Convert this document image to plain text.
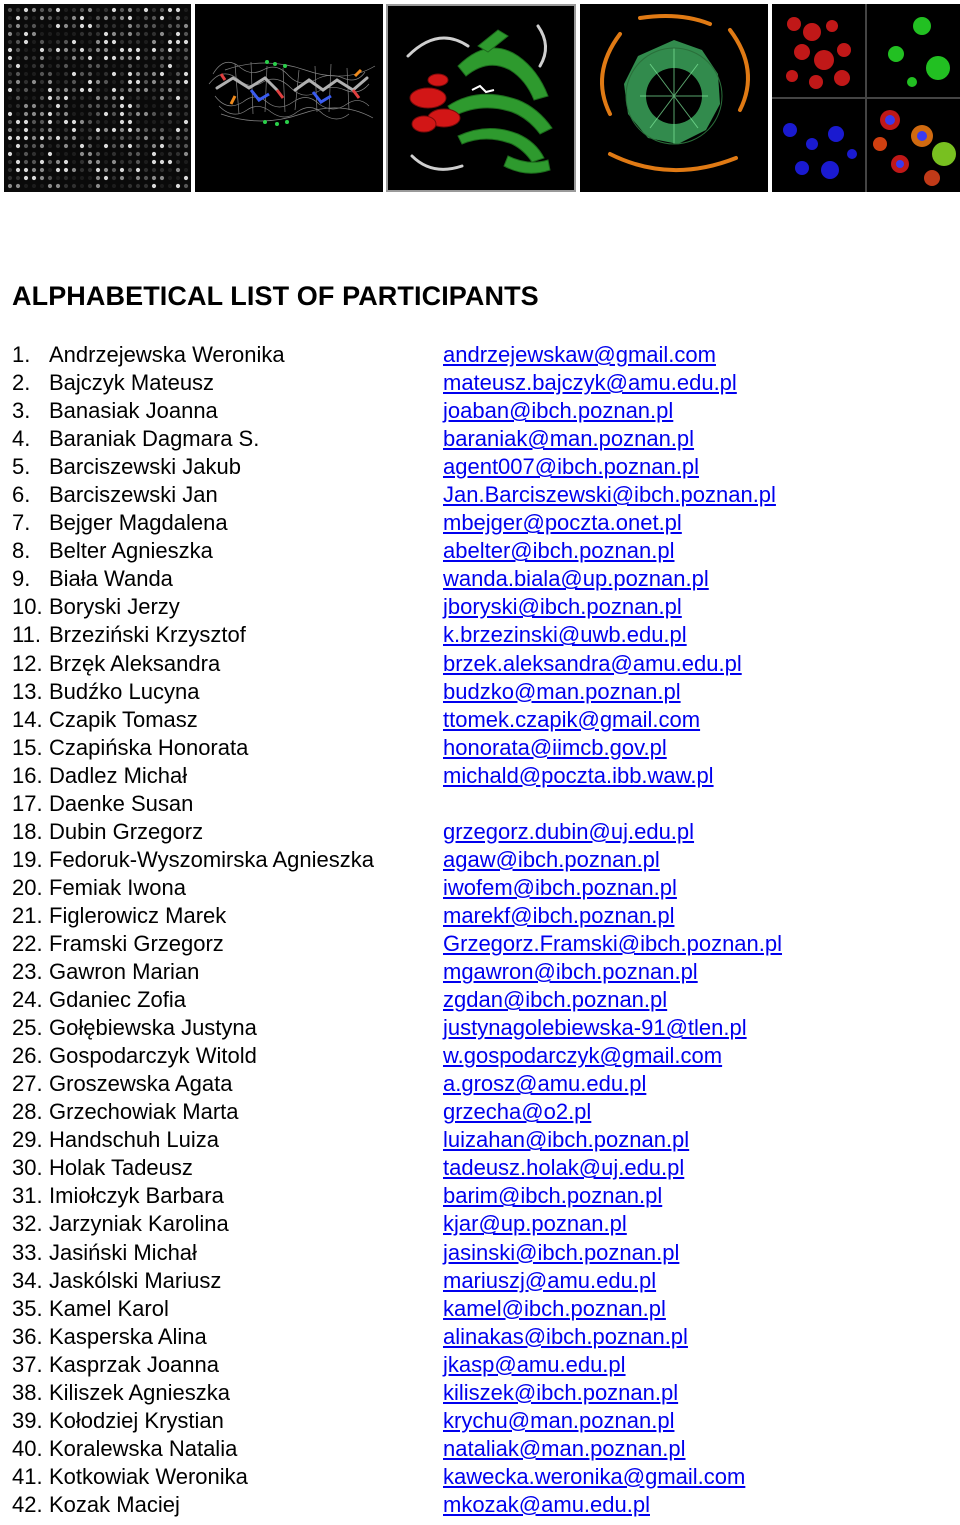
ALPHABETICAL LIST OF PARTICIPANTS
1. Andrzejewska Weronika	andrzejewskaw@gmail.com
2. Bajczyk Mateusz	mateusz.bajczyk@amu.edu.pl
3. Banasiak Joanna	joaban@ibch.poznan.pl
4. Baraniak Dagmara S.	baraniak@man.poznan.pl
5. Barciszewski Jakub	agent007@ibch.poznan.pl
6. Barciszewski Jan	Jan.Barciszewski@ibch.poznan.pl
7. Bejger Magdalena	mbejger@poczta.onet.pl
8. Belter Agnieszka	abelter@ibch.poznan.pl
9. Biała Wanda	wanda.biala@up.poznan.pl
10. Boryski Jerzy	jboryski@ibch.poznan.pl
11. Brzeziński Krzysztof	k.brzezinski@uwb.edu.pl
12. Brzęk Aleksandra	brzek.aleksandra@amu.edu.pl
13. Budźko Lucyna	budzko@man.poznan.pl
14. Czapik Tomasz	ttomek.czapik@gmail.com
15. Czapińska Honorata	honorata@iimcb.gov.pl
16. Dadlez Michał	michald@poczta.ibb.waw.pl
17. Daenke Susan
18. Dubin Grzegorz	grzegorz.dubin@uj.edu.pl
19. Fedoruk-Wyszomirska Agnieszka	agaw@ibch.poznan.pl
20. Femiak Iwona	iwofem@ibch.poznan.pl
21. Figlerowicz Marek	marekf@ibch.poznan.pl
22. Framski Grzegorz	Grzegorz.Framski@ibch.poznan.pl
23. Gawron Marian	mgawron@ibch.poznan.pl
24. Gdaniec Zofia	zgdan@ibch.poznan.pl
25. Gołębiewska Justyna	justynagolebiewska-91@tlen.pl
26. Gospodarczyk Witold	w.gospodarczyk@gmail.com
27. Groszewska Agata	a.grosz@amu.edu.pl
28. Grzechowiak Marta	grzecha@o2.pl
29. Handschuh Luiza	luizahan@ibch.poznan.pl
30. Holak Tadeusz	tadeusz.holak@uj.edu.pl
31. Imiołczyk Barbara	barim@ibch.poznan.pl
32. Jarzyniak Karolina	kjar@up.poznan.pl
33. Jasiński Michał	jasinski@ibch.poznan.pl
34. Jaskólski Mariusz	mariuszj@amu.edu.pl
35. Kamel Karol	kamel@ibch.poznan.pl
36. Kasperska Alina	alinakas@ibch.poznan.pl
37. Kasprzak Joanna	jkasp@amu.edu.pl
38. Kiliszek Agnieszka	kiliszek@ibch.poznan.pl
39. Kołodziej Krystian	krychu@man.poznan.pl
40. Koralewska Natalia	nataliak@man.poznan.pl
41. Kotkowiak Weronika	kawecka.weronika@gmail.com
42. Kozak Maciej	mkozak@amu.edu.pl
